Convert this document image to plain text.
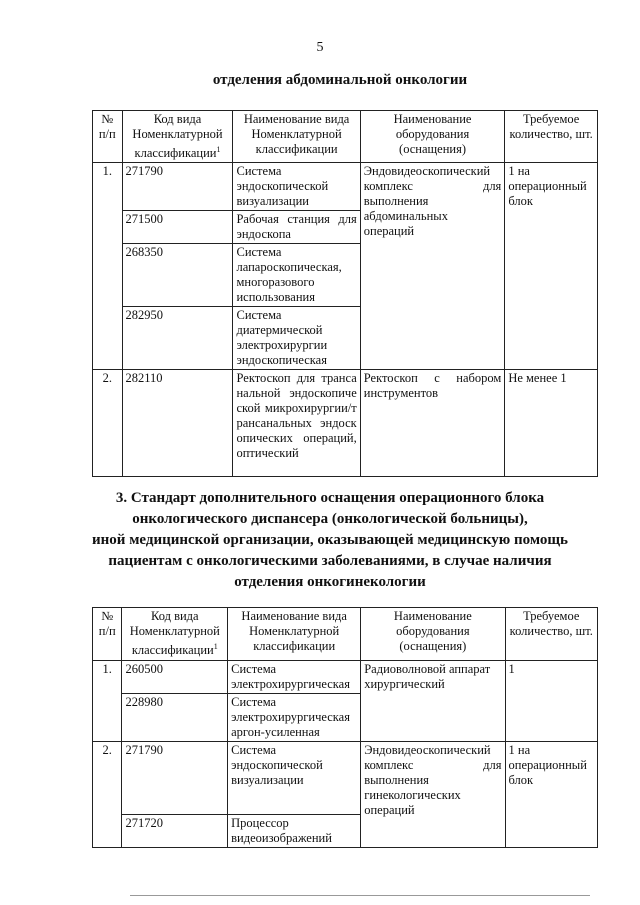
5
отделения абдоминальной онкологии
№ п/п	Код вида Номенклатурной классификации$^1$	Наименование вида Номенклатурной классификации	Наименование оборудования (оснащения)	Требуемое количество, шт.
1.	271790	Система эндоскопической визуализации	Эндовидеоскопический комплекс для выполнения абдоминальных операций	1 на операционный блок
	271500	Рабочая станция для эндоскопа		
	268350	Система лапароскопическая, многоразового использования		
	282950	Система диатермической электрохирургии эндоскопическая		
2.	282110	Ректоскоп для трансанальной эндоскопической микрохирургии/трансанальных эндоскопических операций, оптический	Ректоскоп с набором инструментов	Не менее 1
3. Стандарт дополнительного оснащения операционного блока
онкологического диспансера (онкологической больницы),
иной медицинской организации, оказывающей медицинскую помощь
пациентам с онкологическими заболеваниями, в случае наличия
отделения онкогинекологии
№ п/п	Код вида Номенклатурной классификации$^1$	Наименование вида Номенклатурной классификации	Наименование оборудования (оснащения)	Требуемое количество, шт.
1.	260500	Система электрохирургическая	Радиоволновой аппарат хирургический	1
	228980	Система электрохирургическая аргон-усиленная		
2.	271790	Система эндоскопической визуализации	Эндовидеоскопический комплекс для выполнения гинекологических операций	1 на операционный блок
	271720	Процессор видеоизображений		
